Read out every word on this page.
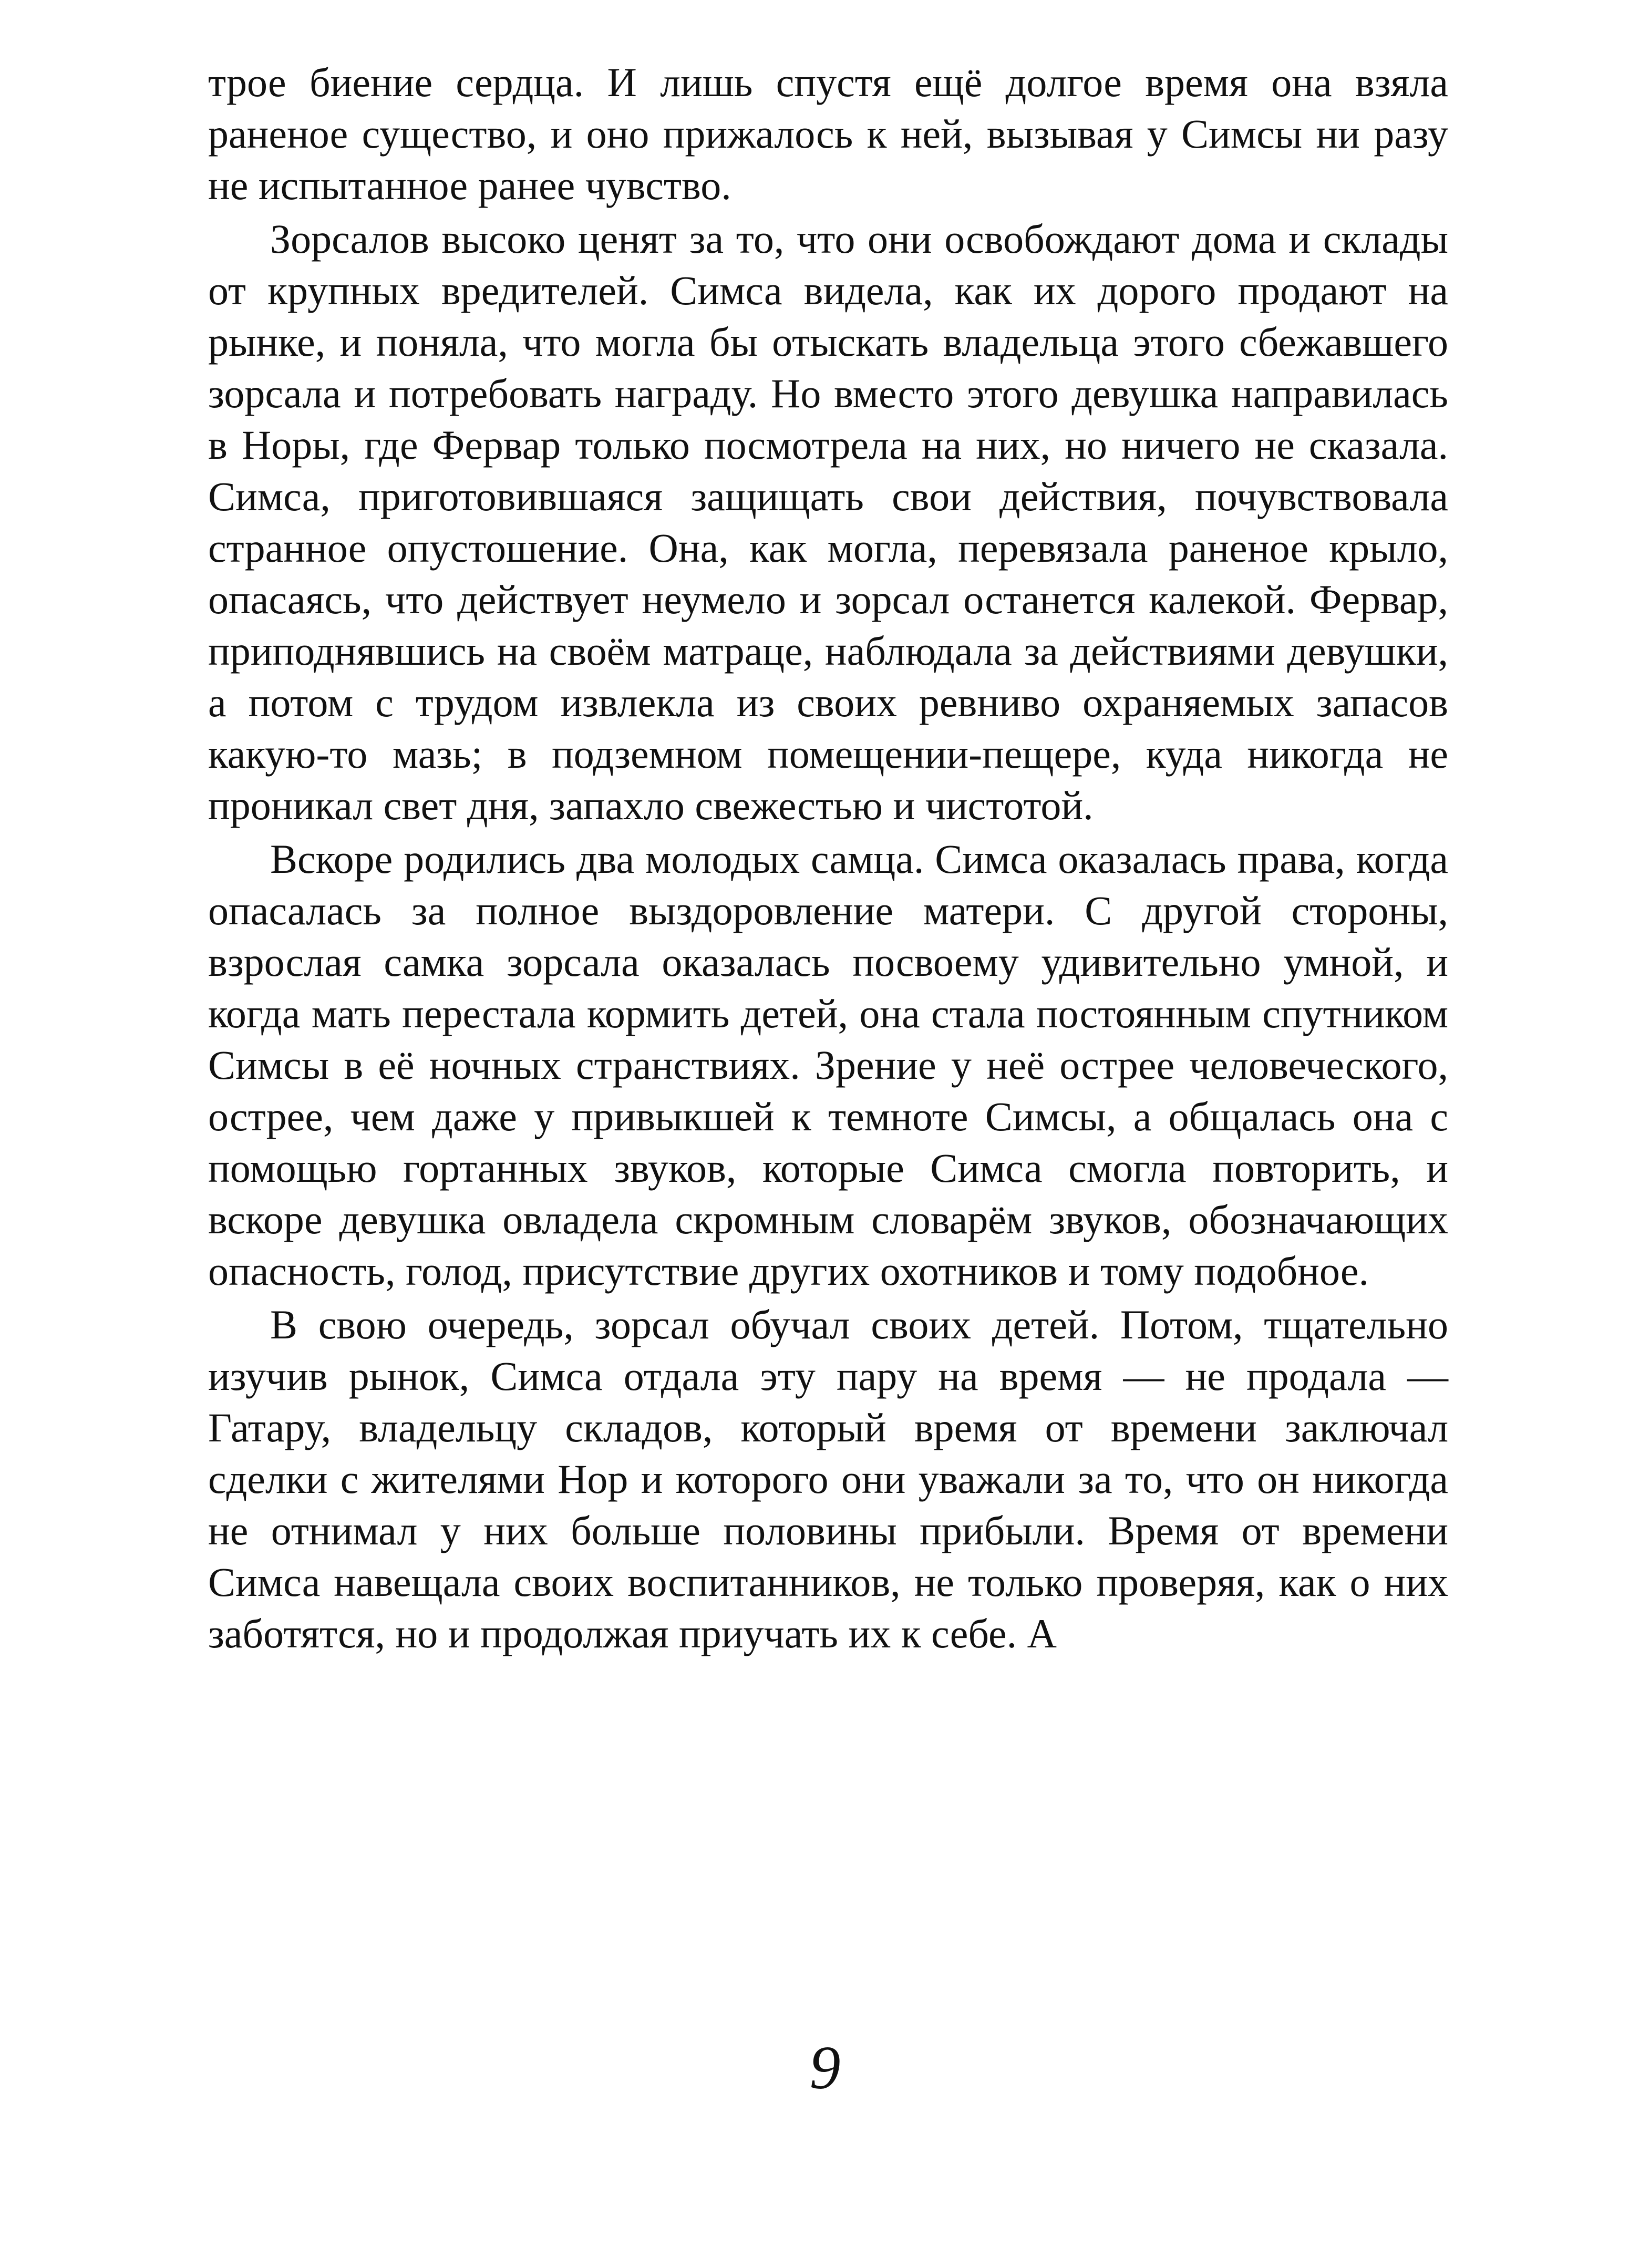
трое биение сердца. И лишь спустя ещё долгое время она взяла раненое существо, и оно прижалось к ней, вызывая у Симсы ни разу не испытанное ранее чувство.

Зорсалов высоко ценят за то, что они освобождают дома и склады от крупных вредителей. Симса видела, как их дорого продают на рынке, и поняла, что могла бы отыскать владельца этого сбежавшего зорсала и потребовать награду. Но вместо этого девушка направилась в Норы, где Фервар только посмотрела на них, но ничего не сказала. Симса, приготовившаяся защищать свои действия, почувствовала странное опустошение. Она, как могла, перевязала раненое крыло, опасаясь, что действует неумело и зорсал останется калекой. Фервар, приподнявшись на своём матраце, наблюдала за действиями девушки, а потом с трудом извлекла из своих ревниво охраняемых запасов какую-то мазь; в подземном помещении-пещере, куда никогда не проникал свет дня, запахло свежестью и чистотой.

Вскоре родились два молодых самца. Симса оказалась права, когда опасалась за полное выздоровление матери. С другой стороны, взрослая самка зорсала оказалась посвоему удивительно умной, и когда мать перестала кормить детей, она стала постоянным спутником Симсы в её ночных странствиях. Зрение у неё острее человеческого, острее, чем даже у привыкшей к темноте Симсы, а общалась она с помощью гортанных звуков, которые Симса смогла повторить, и вскоре девушка овладела скромным словарём звуков, обозначающих опасность, голод, присутствие других охотников и тому подобное.

В свою очередь, зорсал обучал своих детей. Потом, тщательно изучив рынок, Симса отдала эту пару на время — не продала — Гатару, владельцу складов, который время от времени заключал сделки с жителями Нор и которого они уважали за то, что он никогда не отнимал у них больше половины прибыли. Время от времени Симса навещала своих воспитанников, не только проверяя, как о них заботятся, но и продолжая приучать их к себе. А

9
